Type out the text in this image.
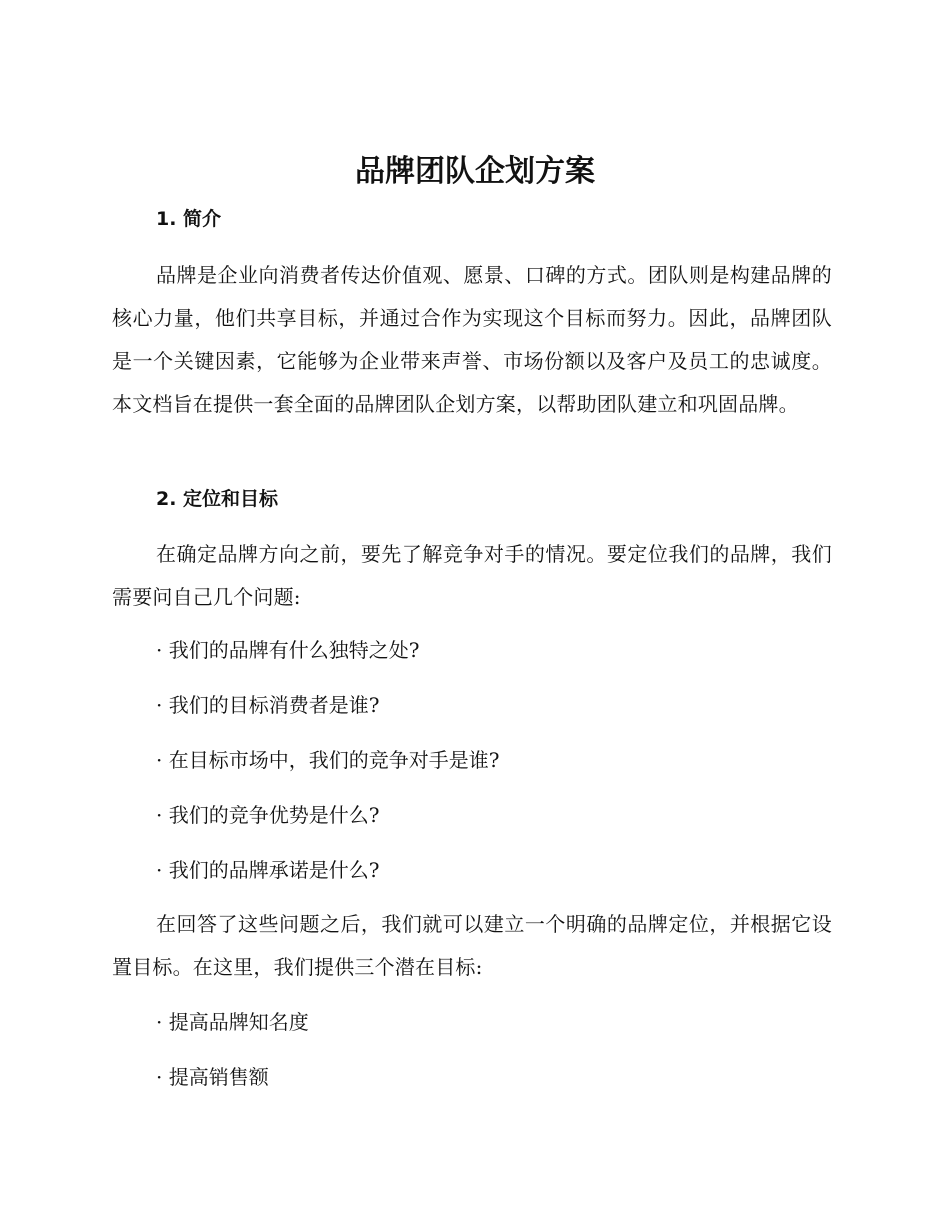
品牌团队企划方案
1. 简介
品牌是企业向消费者传达价值观、愿景、口碑的方式。团队则是构建品牌的核心力量，他们共享目标，并通过合作为实现这个目标而努力。因此，品牌团队是一个关键因素，它能够为企业带来声誉、市场份额以及客户及员工的忠诚度。本文档旨在提供一套全面的品牌团队企划方案，以帮助团队建立和巩固品牌。
2. 定位和目标
在确定品牌方向之前，要先了解竞争对手的情况。要定位我们的品牌，我们需要问自己几个问题:
· 我们的品牌有什么独特之处?
· 我们的目标消费者是谁?
· 在目标市场中，我们的竞争对手是谁?
· 我们的竞争优势是什么?
· 我们的品牌承诺是什么?
在回答了这些问题之后，我们就可以建立一个明确的品牌定位，并根据它设置目标。在这里，我们提供三个潜在目标:
· 提高品牌知名度
· 提高销售额
